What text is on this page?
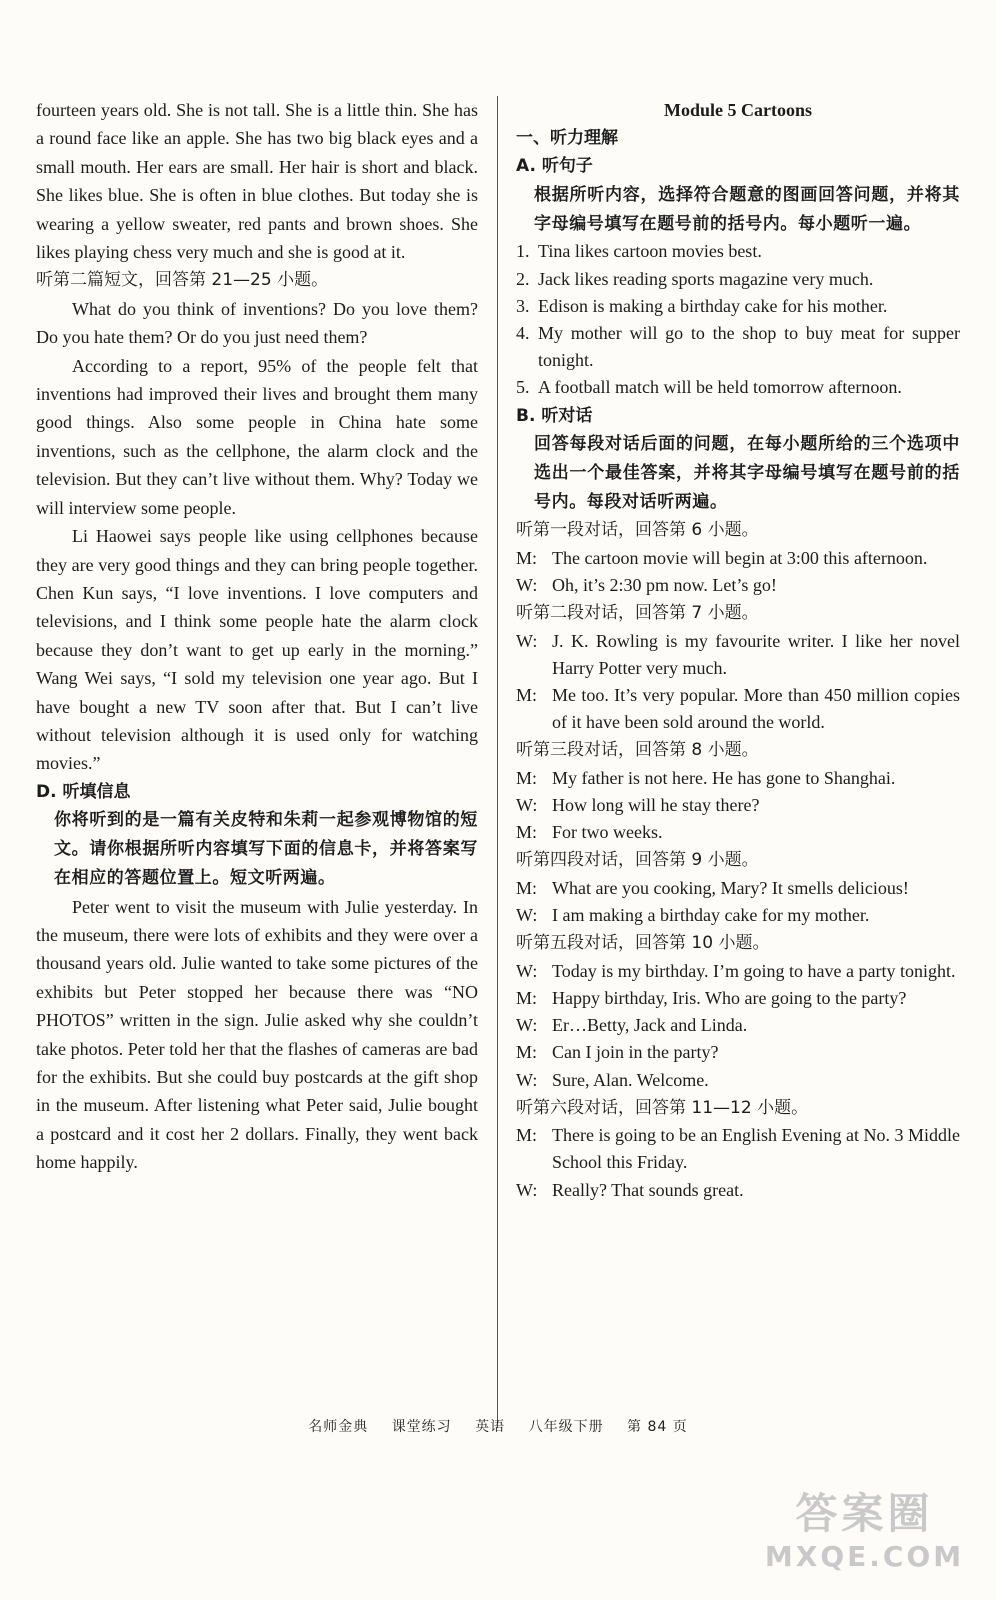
fourteen years old. She is not tall. She is a little thin. She has a round face like an apple. She has two big black eyes and a small mouth. Her ears are small. Her hair is short and black. She likes blue. She is often in blue clothes. But today she is wearing a yellow sweater, red pants and brown shoes. She likes playing chess very much and she is good at it.

听第二篇短文，回答第 21—25 小题。

What do you think of inventions? Do you love them? Do you hate them? Or do you just need them?

According to a report, 95% of the people felt that inventions had improved their lives and brought them many good things. Also some people in China hate some inventions, such as the cellphone, the alarm clock and the television. But they can’t live without them. Why? Today we will interview some people.

Li Haowei says people like using cellphones because they are very good things and they can bring people together. Chen Kun says, “I love inventions. I love computers and televisions, and I think some people hate the alarm clock because they don’t want to get up early in the morning.” Wang Wei says, “I sold my television one year ago. But I have bought a new TV soon after that. But I can’t live without television although it is used only for watching movies.”

D. 听填信息

你将听到的是一篇有关皮特和朱莉一起参观博物馆的短文。请你根据所听内容填写下面的信息卡，并将答案写在相应的答题位置上。短文听两遍。

Peter went to visit the museum with Julie yesterday. In the museum, there were lots of exhibits and they were over a thousand years old. Julie wanted to take some pictures of the exhibits but Peter stopped her because there was “NO PHOTOS” written in the sign. Julie asked why she couldn’t take photos. Peter told her that the flashes of cameras are bad for the exhibits. But she could buy postcards at the gift shop in the museum. After listening what Peter said, Julie bought a postcard and it cost her 2 dollars. Finally, they went back home happily.

Module 5 Cartoons

一、听力理解

A. 听句子

根据所听内容，选择符合题意的图画回答问题，并将其字母编号填写在题号前的括号内。每小题听一遍。

1. Tina likes cartoon movies best.
2. Jack likes reading sports magazine very much.
3. Edison is making a birthday cake for his mother.
4. My mother will go to the shop to buy meat for supper tonight.
5. A football match will be held tomorrow afternoon.

B. 听对话

回答每段对话后面的问题，在每小题所给的三个选项中选出一个最佳答案，并将其字母编号填写在题号前的括号内。每段对话听两遍。

听第一段对话，回答第 6 小题。

M: The cartoon movie will begin at 3:00 this afternoon.
W: Oh, it’s 2:30 pm now. Let’s go!

听第二段对话，回答第 7 小题。

W: J. K. Rowling is my favourite writer. I like her novel Harry Potter very much.
M: Me too. It’s very popular. More than 450 million copies of it have been sold around the world.

听第三段对话，回答第 8 小题。

M: My father is not here. He has gone to Shanghai.
W: How long will he stay there?
M: For two weeks.

听第四段对话，回答第 9 小题。

M: What are you cooking, Mary? It smells delicious!
W: I am making a birthday cake for my mother.

听第五段对话，回答第 10 小题。

W: Today is my birthday. I’m going to have a party tonight.
M: Happy birthday, Iris. Who are going to the party?
W: Er…Betty, Jack and Linda.
M: Can I join in the party?
W: Sure, Alan. Welcome.

听第六段对话，回答第 11—12 小题。

M: There is going to be an English Evening at No. 3 Middle School this Friday.
W: Really? That sounds great.
名师金典 课堂练习 英语 八年级下册 第 84 页
答案圈
MXQE.COM
